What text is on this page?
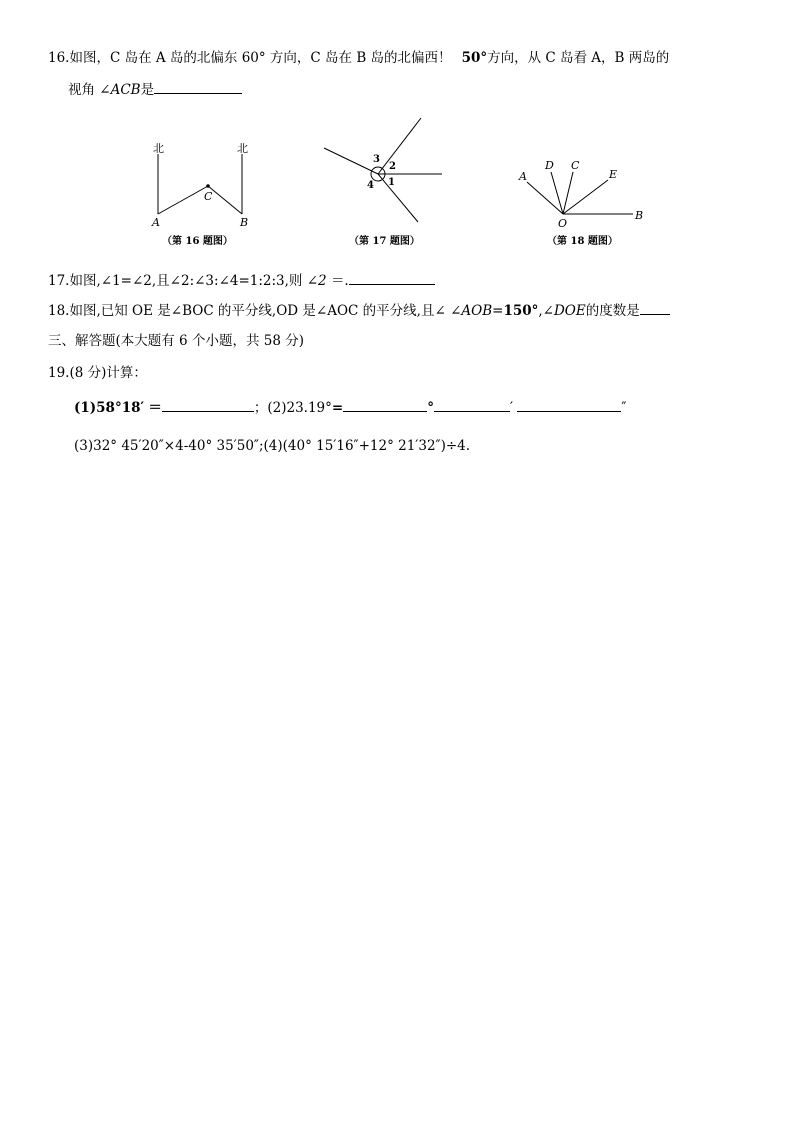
16.如图，C 岛在 A 岛的北偏东 60° 方向，C 岛在 B 岛的北偏西！ 50°方向，从 C 岛看 A，B 两岛的
视角 ∠ACB是
北	北
A	B
C
（第 16 题图）
3
2
4 1
（第 17 题图）
A
D C
E
B
O
（第 18 题图）
17.如图,∠1=∠2,且∠2:∠3:∠4=1:2:3,则 ∠2 ＝.
18.如图,已知 OE 是∠BOC 的平分线,OD 是∠AOC 的平分线,且∠ ∠AOB=150°,∠DOE的度数是
三、解答题(本大题有 6 个小题，共 58 分)
19.(8 分)计算：
(1)58°18′ ＝	；(2)23.19°=	°	′	″
(3)32° 45′20″×4-40° 35′50″;(4)(40° 15′16″+12° 21′32″)÷4.
